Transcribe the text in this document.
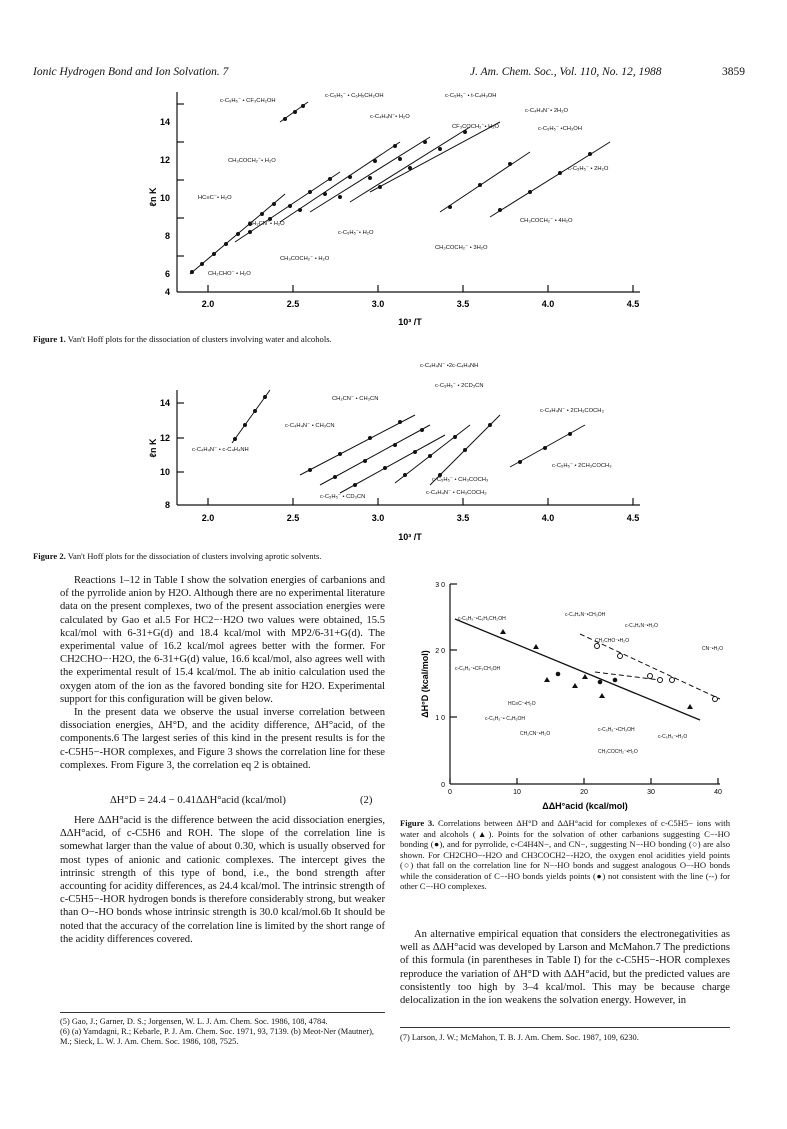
Ionic Hydrogen Bond and Ion Solvation. 7	J. Am. Chem. Soc., Vol. 110, No. 12, 1988	3859
14
12
10
8
6
4
2.0	2.5	3.0	3.5	4.0	4.5
c-C₅H₅⁻ • CF₃CH₂OH
c-C₅H₅⁻ • C₆H₅CH₂OH	c-C₅H₅⁻ • t-C₄H₉OH
c-C₄H₄N⁻• 2H₂O
c-C₄H₄N⁻• H₂O
CF₃COCH₂⁻• H₂O	c-C₅H₅⁻ •CH₃OH
CH₃COCH₂⁻• H₂O
c-C₅H₅⁻ • 2H₂O
HC≡C⁻• H₂O
CH₂CN⁻• H₂O
c-C₅H₅⁻• H₂O
CH₃COCH₂⁻ • 4H₂O
CH₃COCH₂⁻ • 3H₂O
CH₃COCH₂⁻ • H₂O
CH₂CHO⁻ • H₂O
ℓn K
10³ /T
Figure 1. Van't Hoff plots for the dissociation of clusters involving water and alcohols.
14
12
10
8
2.0	2.5	3.0	3.5	4.0	4.5
c-C₄H₄N⁻ •2c-C₄H₄NH
c-C₅H₅⁻ • 2CD₃CN
CH₂CN⁻ • CH₃CN
c-C₄H₄N⁻ • 2CH₃COCH₃
c-C₄H₄N⁻ • CH₃CN
c-C₄H₄N⁻ • c-C₄H₄NH
c-C₅H₅⁻ • 2CH₃COCH₃
c-C₅H₅⁻ • CH₃COCH₃
c-C₄H₄N⁻ • CH₃COCH₃
c-C₅H₅⁻ • CD₃CN
ℓn K
10³ /T
Figure 2. Van't Hoff plots for the dissociation of clusters involving aprotic solvents.

Reactions 1–12 in Table I show the solvation energies of carbanions and of the pyrrolide anion by H2O. Although there are no experimental literature data on the present complexes, two of the present association energies were calculated by Gao et al.5 For HC2−·H2O two values were obtained, 15.5 kcal/mol with 6-31+G(d) and 18.4 kcal/mol with MP2/6-31+G(d). The experimental value of 16.2 kcal/mol agrees better with the former. For CH2CHO−·H2O, the 6-31+G(d) value, 16.6 kcal/mol, also agrees well with the experimental result of 15.4 kcal/mol. The ab initio calculation used the oxygen atom of the ion as the favored bonding site for H2O. Experimental support for this configuration will be given below.

In the present data we observe the usual inverse correlation between dissociation energies, ΔH°D, and the acidity difference, ΔH°acid, of the components.6 The largest series of this kind in the present results is for the c-C5H5−-HOR complexes, and Figure 3 shows the correlation line for these complexes. From Figure 3, the correlation eq 2 is obtained.

ΔH°D = 24.4 − 0.41ΔΔH°acid (kcal/mol)	(2)

Here ΔΔH°acid is the difference between the acid dissociation energies, ΔΔH°acid, of c-C5H6 and ROH. The slope of the correlation line is somewhat larger than the value of about 0.30, which is usually observed for most types of anionic and cationic complexes. The intercept gives the intrinsic strength of this type of bond, i.e., the bond strength after accounting for acidity differences, as 24.4 kcal/mol. The intrinsic strength of c-C5H5−-HOR hydrogen bonds is therefore considerably strong, but weaker than O−-HO bonds whose intrinsic strength is 30.0 kcal/mol.6b It should be noted that the accuracy of the correlation line is limited by the short range of the acidity differences covered.

(5) Gao, J.; Garner, D. S.; Jorgensen, W. L. J. Am. Chem. Soc. 1986, 108, 4784.
(6) (a) Yamdagni, R.; Kebarle, P. J. Am. Chem. Soc. 1971, 93, 7139. (b) Meot-Ner (Mautner), M.; Sieck, L. W. J. Am. Chem. Soc. 1986, 108, 7525.
3 0
2 0
1 0
0
0	10	20	30	40
c-C₅H₅⁻•C₆H₅CH₂OH
c-C₄H₄N⁻•CH₃OH
c-C₄H₄N⁻•H₂O
CH₂CHO⁻•H₂O
CN⁻•H₂O
c-C₅H₅⁻•CF₃CH₂OH
HC≡C⁻•H₂O
c-C₅H₅⁻• C₄H₉OH
c-C₅H₅⁻•CH₃OH
CH₂CN⁻•H₂O	c-C₅H₅⁻•H₂O
CH₃COCH₂⁻•H₂O
ΔH°D (kcal/mol)
ΔΔH°acid (kcal/mol)
Figure 3. Correlations between ΔH°D and ΔΔH°acid for complexes of c-C5H5− ions with water and alcohols (▲). Points for the solvation of other carbanions suggesting C−-HO bonding (●), and for pyrrolide, c-C4H4N−, and CN−, suggesting N−-HO bonding (○) are also shown. For CH2CHO−-H2O and CH3COCH2−-H2O, the oxygen enol acidities yield points (○) that fall on the correlation line for N−-HO bonds and suggest analogous O−-HO bonds while the consideration of C−-HO bonds yields points (●) not consistent with the line (--) for other C−-HO complexes.

An alternative empirical equation that considers the electronegativities as well as ΔΔH°acid was developed by Larson and McMahon.7 The predictions of this formula (in parentheses in Table I) for the c-C5H5−-HOR complexes reproduce the variation of ΔH°D with ΔΔH°acid, but the predicted values are consistently too high by 3–4 kcal/mol. This may be because charge delocalization in the ion weakens the solvation energy. However, in

(7) Larson, J. W.; McMahon, T. B. J. Am. Chem. Soc. 1987, 109, 6230.
